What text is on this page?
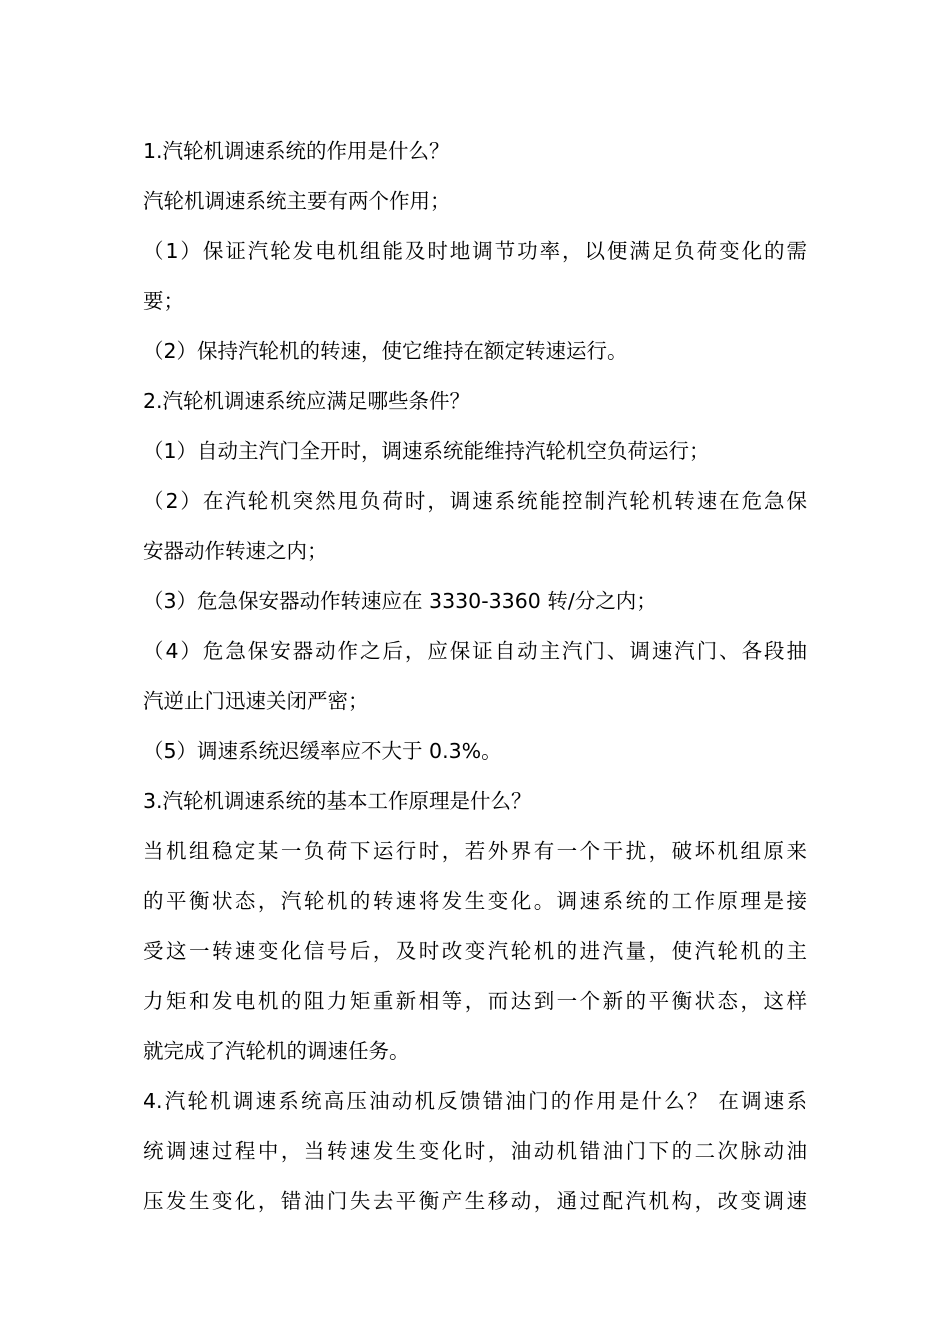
1.汽轮机调速系统的作用是什么？
汽轮机调速系统主要有两个作用；
（1）保证汽轮发电机组能及时地调节功率，以便满足负荷变化的需
要；
（2）保持汽轮机的转速，使它维持在额定转速运行。
2.汽轮机调速系统应满足哪些条件？
（1）自动主汽门全开时，调速系统能维持汽轮机空负荷运行；
（2）在汽轮机突然甩负荷时，调速系统能控制汽轮机转速在危急保
安器动作转速之内；
（3）危急保安器动作转速应在 3330-3360 转/分之内；
（4）危急保安器动作之后，应保证自动主汽门、调速汽门、各段抽
汽逆止门迅速关闭严密；
（5）调速系统迟缓率应不大于 0.3%。
3.汽轮机调速系统的基本工作原理是什么？
当机组稳定某一负荷下运行时，若外界有一个干扰，破坏机组原来
的平衡状态，汽轮机的转速将发生变化。调速系统的工作原理是接
受这一转速变化信号后，及时改变汽轮机的进汽量，使汽轮机的主
力矩和发电机的阻力矩重新相等，而达到一个新的平衡状态，这样
就完成了汽轮机的调速任务。
4.汽轮机调速系统高压油动机反馈错油门的作用是什么？ 在调速系
统调速过程中，当转速发生变化时，油动机错油门下的二次脉动油
压发生变化，错油门失去平衡产生移动，通过配汽机构，改变调速
